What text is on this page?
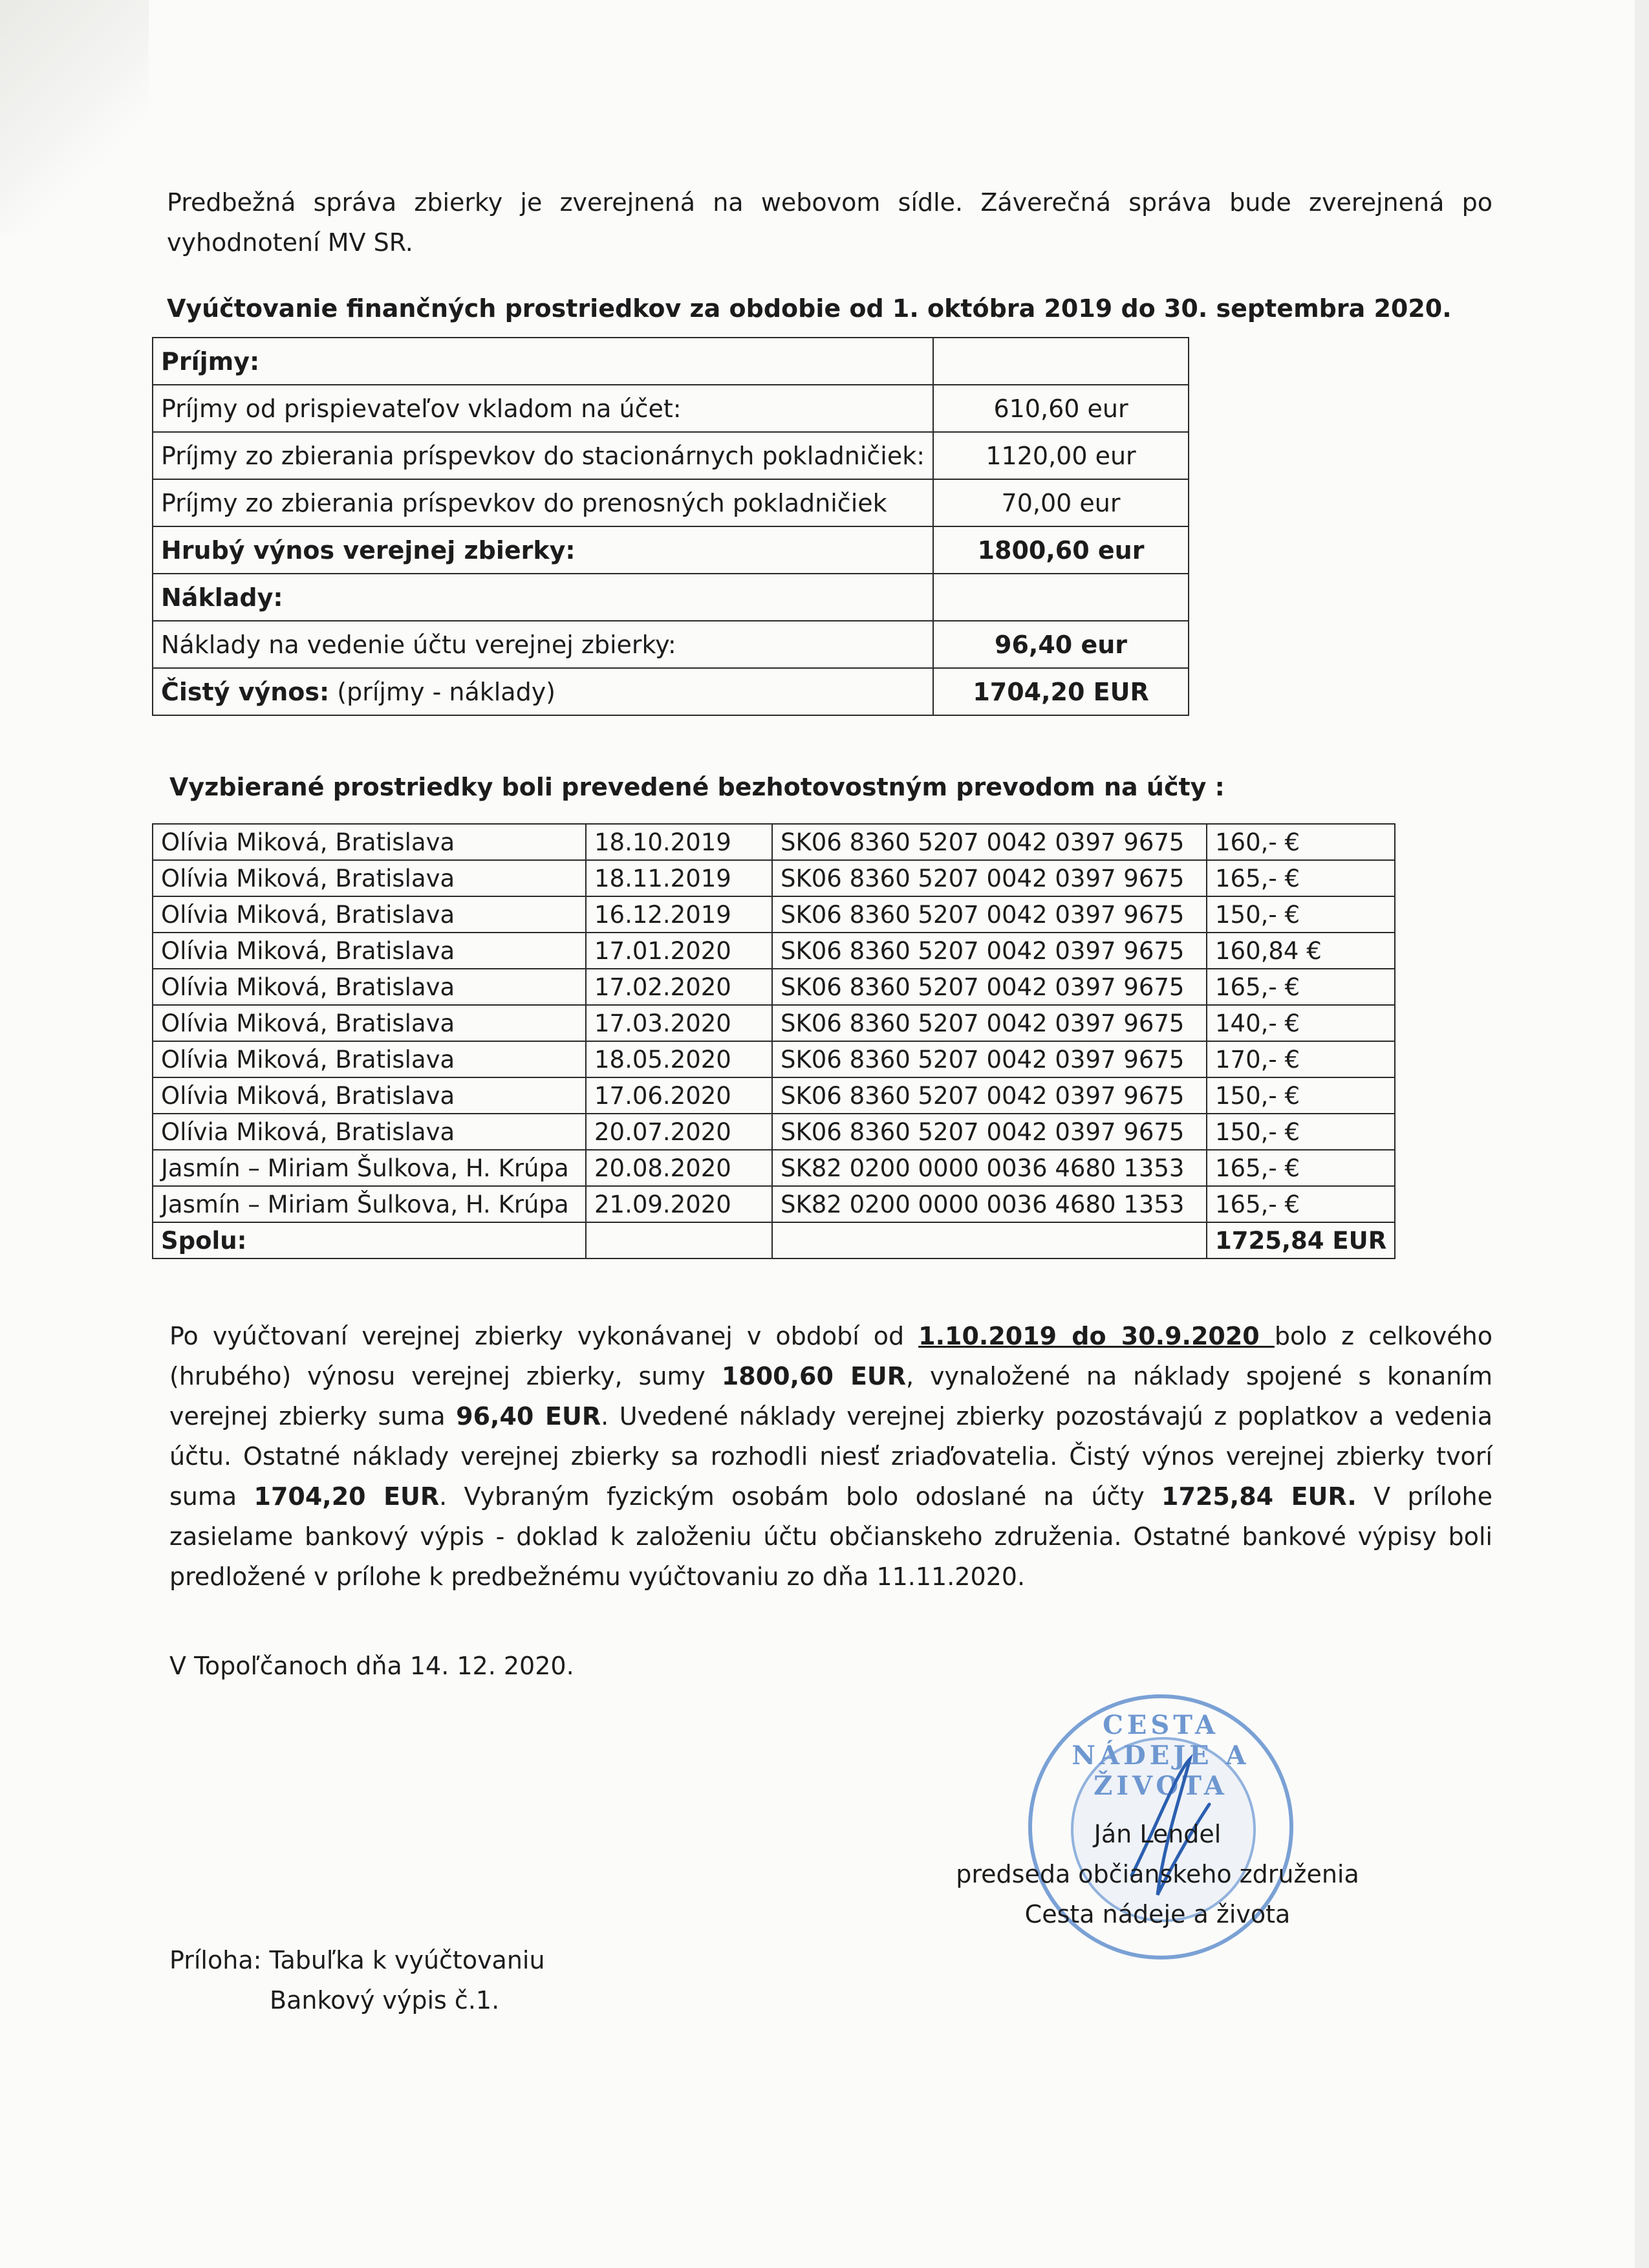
Predbežná správa zbierky je zverejnená na webovom sídle. Záverečná správa bude zverejnená po vyhodnotení MV SR.
Vyúčtovanie finančných prostriedkov za obdobie od 1. októbra 2019 do 30. septembra 2020.
Príjmy:	
Príjmy od prispievateľov vkladom na účet:	610,60 eur
Príjmy zo zbierania príspevkov do stacionárnych pokladničiek:	1120,00 eur
Príjmy zo zbierania príspevkov do prenosných pokladničiek	70,00 eur
Hrubý výnos verejnej zbierky:	1800,60 eur
Náklady:	
Náklady na vedenie účtu verejnej zbierky:	96,40 eur
Čistý výnos: (príjmy - náklady)	1704,20 EUR
Vyzbierané prostriedky boli prevedené bezhotovostným prevodom na účty :
Olívia Miková, Bratislava	18.10.2019	SK06 8360 5207 0042 0397 9675	160,- €
Olívia Miková, Bratislava	18.11.2019	SK06 8360 5207 0042 0397 9675	165,- €
Olívia Miková, Bratislava	16.12.2019	SK06 8360 5207 0042 0397 9675	150,- €
Olívia Miková, Bratislava	17.01.2020	SK06 8360 5207 0042 0397 9675	160,84 €
Olívia Miková, Bratislava	17.02.2020	SK06 8360 5207 0042 0397 9675	165,- €
Olívia Miková, Bratislava	17.03.2020	SK06 8360 5207 0042 0397 9675	140,- €
Olívia Miková, Bratislava	18.05.2020	SK06 8360 5207 0042 0397 9675	170,- €
Olívia Miková, Bratislava	17.06.2020	SK06 8360 5207 0042 0397 9675	150,- €
Olívia Miková, Bratislava	20.07.2020	SK06 8360 5207 0042 0397 9675	150,- €
Jasmín – Miriam Šulkova, H. Krúpa	20.08.2020	SK82 0200 0000 0036 4680 1353	165,- €
Jasmín – Miriam Šulkova, H. Krúpa	21.09.2020	SK82 0200 0000 0036 4680 1353	165,- €
Spolu:			1725,84 EUR
Po vyúčtovaní verejnej zbierky vykonávanej v období od 1.10.2019 do 30.9.2020 bolo z celkového (hrubého) výnosu verejnej zbierky, sumy 1800,60 EUR, vynaložené na náklady spojené s konaním verejnej zbierky suma 96,40 EUR. Uvedené náklady verejnej zbierky pozostávajú z poplatkov a vedenia účtu. Ostatné náklady verejnej zbierky sa rozhodli niesť zriaďovatelia. Čistý výnos verejnej zbierky tvorí suma 1704,20 EUR. Vybraným fyzickým osobám bolo odoslané na účty 1725,84 EUR. V prílohe zasielame bankový výpis - doklad k založeniu účtu občianskeho združenia. Ostatné bankové výpisy boli predložené v prílohe k predbežnému vyúčtovaniu zo dňa 11.11.2020.
V Topoľčanoch dňa 14. 12. 2020.
CESTA NÁDEJE A ŽIVOTA
Ján Lendel
predseda občianskeho združenia
Cesta nádeje a života
Príloha: Tabuľka k vyúčtovaniu
Bankový výpis č.1.
